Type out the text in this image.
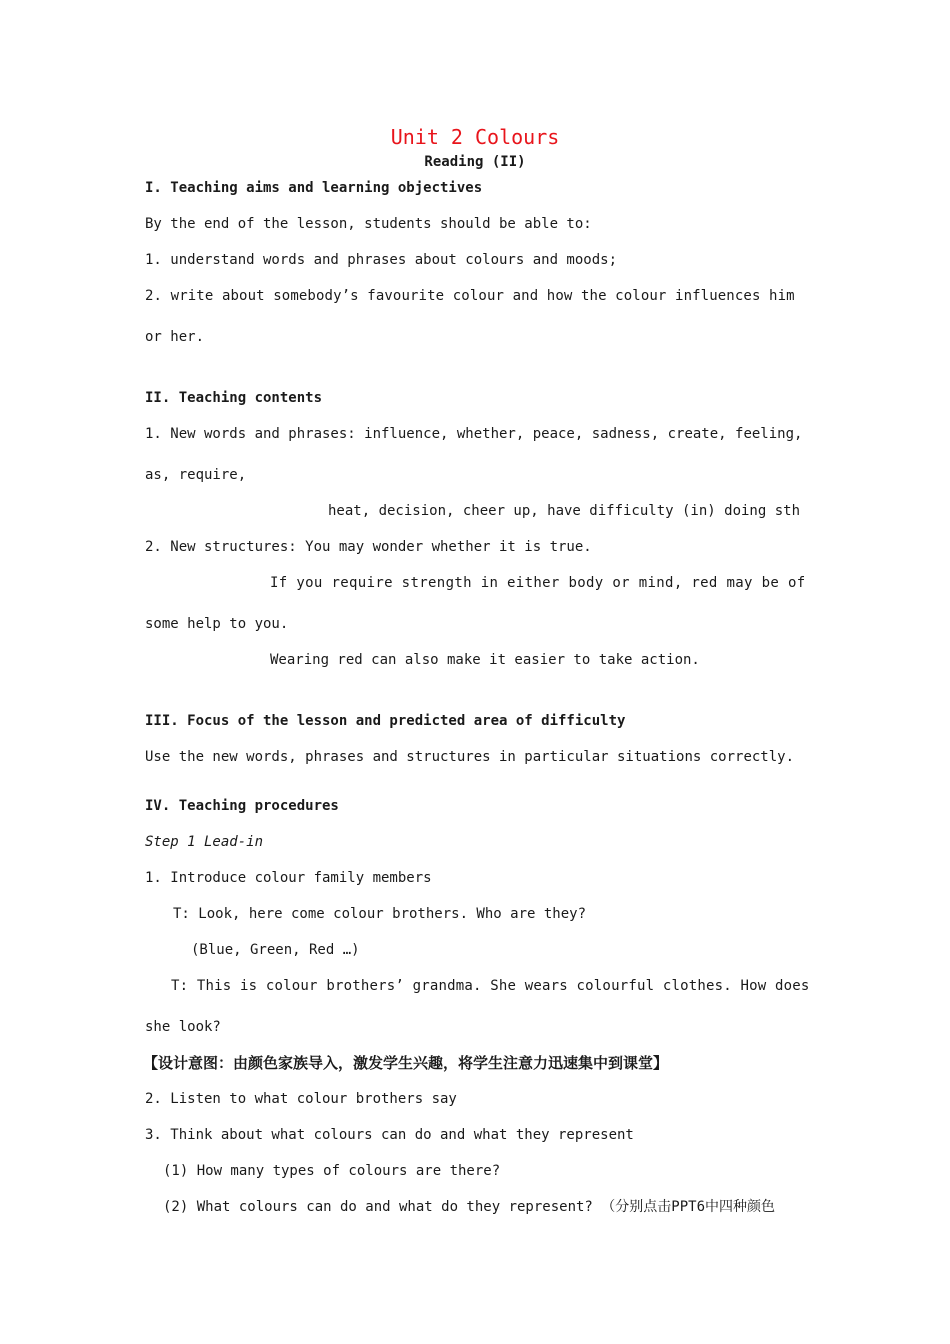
Unit 2 Colours
Reading (II)
I. Teaching aims and learning objectives
By the end of the lesson, students should be able to:
1. understand words and phrases about colours and moods;
2. write about somebody’s favourite colour and how the colour influences him
or her.
II. Teaching contents
1. New words and phrases: influence, whether, peace, sadness, create, feeling,
as, require,
heat, decision, cheer up, have difficulty (in) doing sth
2. New structures: You may wonder whether it is true.
If you require strength in either body or mind, red may be of
some help to you.
Wearing red can also make it easier to take action.
III. Focus of the lesson and predicted area of difficulty
Use the new words, phrases and structures in particular situations correctly.
IV. Teaching procedures
Step 1 Lead-in
1. Introduce colour family members
T: Look, here come colour brothers. Who are they?
(Blue, Green, Red …)
T: This is colour brothers’ grandma. She wears colourful clothes. How does
she look?
【设计意图：由颜色家族导入，激发学生兴趣，将学生注意力迅速集中到课堂】
2. Listen to what colour brothers say
3. Think about what colours can do and what they represent
(1) How many types of colours are there?
(2) What colours can do and what do they represent? （分别点击PPT6中四种颜色
